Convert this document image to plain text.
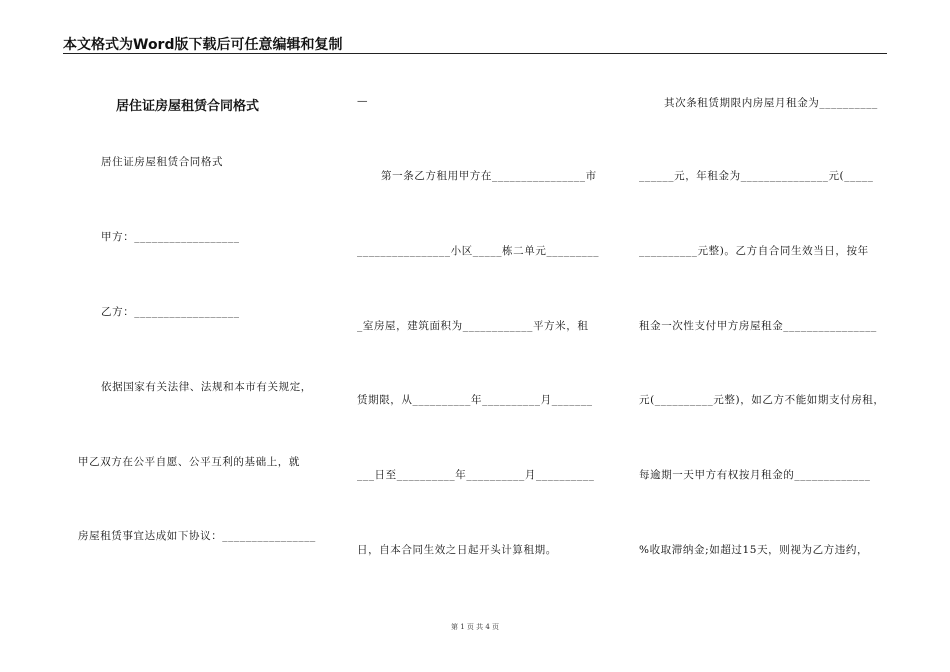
本文格式为Word版下载后可任意编辑和复制
居住证房屋租赁合同格式
居住证房屋租赁合同格式
甲方：__________________
乙方：__________________
依据国家有关法律、法规和本市有关规定，
甲乙双方在公平自愿、公平互利的基础上，就
房屋租赁事宜达成如下协议：________________
—
第一条乙方租用甲方在________________市
________________小区_____栋二单元_________
_室房屋，建筑面积为____________平方米，租
赁期限，从__________年__________月_______
___日至__________年__________月__________
日，自本合同生效之日起开头计算租期。
其次条租赁期限内房屋月租金为__________
______元，年租金为_______________元(_____
__________元整)。乙方自合同生效当日，按年
租金一次性支付甲方房屋租金________________
元(__________元整)，如乙方不能如期支付房租，
每逾期一天甲方有权按月租金的_____________
%收取滞纳金;如超过15天，则视为乙方违约，
第 1 页 共 4 页
